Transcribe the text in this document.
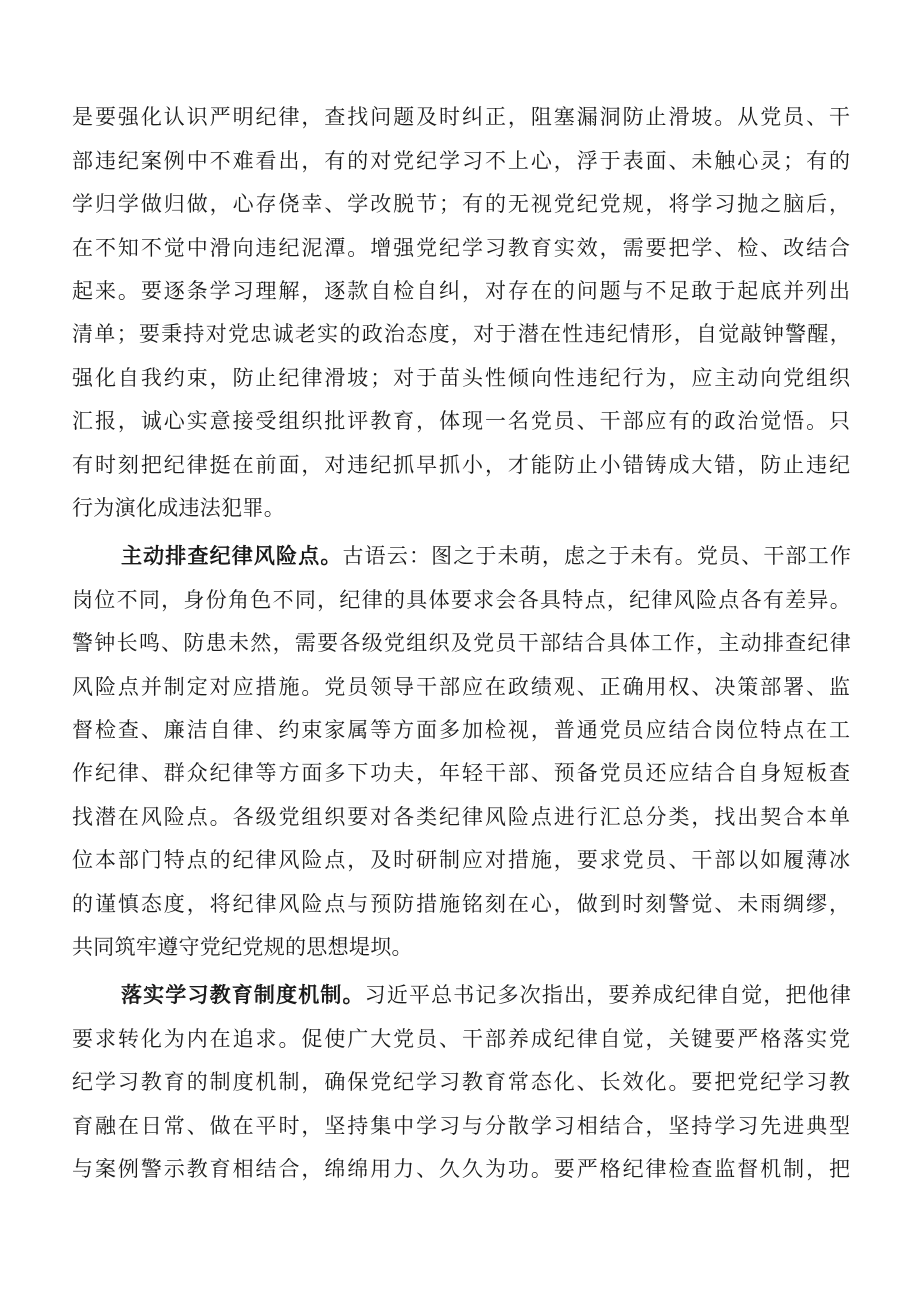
是要强化认识严明纪律，查找问题及时纠正，阻塞漏洞防止滑坡。从党员、干
部违纪案例中不难看出，有的对党纪学习不上心，浮于表面、未触心灵；有的
学归学做归做，心存侥幸、学改脱节；有的无视党纪党规，将学习抛之脑后，
在不知不觉中滑向违纪泥潭。增强党纪学习教育实效，需要把学、检、改结合
起来。要逐条学习理解，逐款自检自纠，对存在的问题与不足敢于起底并列出
清单；要秉持对党忠诚老实的政治态度，对于潜在性违纪情形，自觉敲钟警醒，
强化自我约束，防止纪律滑坡；对于苗头性倾向性违纪行为，应主动向党组织
汇报，诚心实意接受组织批评教育，体现一名党员、干部应有的政治觉悟。只
有时刻把纪律挺在前面，对违纪抓早抓小，才能防止小错铸成大错，防止违纪
行为演化成违法犯罪。
主动排查纪律风险点。古语云：图之于未萌，虑之于未有。党员、干部工作
岗位不同，身份角色不同，纪律的具体要求会各具特点，纪律风险点各有差异。
警钟长鸣、防患未然，需要各级党组织及党员干部结合具体工作，主动排查纪律
风险点并制定对应措施。党员领导干部应在政绩观、正确用权、决策部署、监
督检查、廉洁自律、约束家属等方面多加检视，普通党员应结合岗位特点在工
作纪律、群众纪律等方面多下功夫，年轻干部、预备党员还应结合自身短板查
找潜在风险点。各级党组织要对各类纪律风险点进行汇总分类，找出契合本单
位本部门特点的纪律风险点，及时研制应对措施，要求党员、干部以如履薄冰
的谨慎态度，将纪律风险点与预防措施铭刻在心，做到时刻警觉、未雨绸缪，
共同筑牢遵守党纪党规的思想堤坝。
落实学习教育制度机制。习近平总书记多次指出，要养成纪律自觉，把他律
要求转化为内在追求。促使广大党员、干部养成纪律自觉，关键要严格落实党
纪学习教育的制度机制，确保党纪学习教育常态化、长效化。要把党纪学习教
育融在日常、做在平时，坚持集中学习与分散学习相结合，坚持学习先进典型
与案例警示教育相结合，绵绵用力、久久为功。要严格纪律检查监督机制，把
